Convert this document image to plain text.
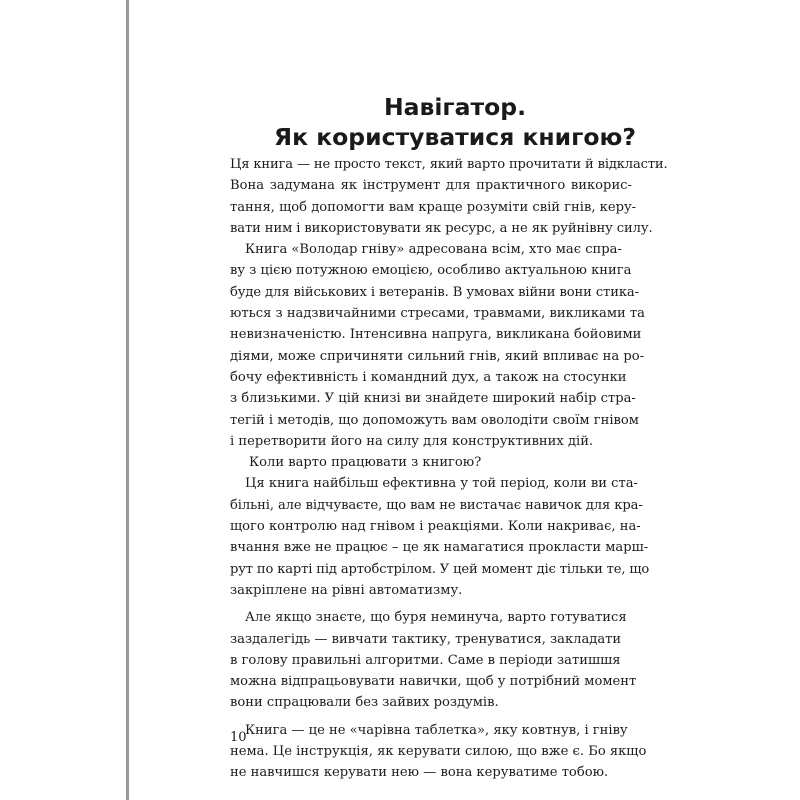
Навігатор.
Як користуватися книгою?
Ця книга — не просто текст, який варто прочитати й відкласти.
Вона задумана як інструмент для практичного викорис-
тання, щоб допомогти вам краще розуміти свій гнів, керу-
вати ним і використовувати як ресурс, а не як руйнівну силу.
Книга «Володар гніву» адресована всім, хто має спра-
ву з цією потужною емоцією, особливо актуальною книга
буде для військових і ветеранів. В умовах війни вони стика-
ються з надзвичайними стресами, травмами, викликами та
невизначеністю. Інтенсивна напруга, викликана бойовими
діями, може спричиняти сильний гнів, який впливає на ро-
бочу ефективність і командний дух, а також на стосунки
з близькими. У цій книзі ви знайдете широкий набір стра-
тегій і методів, що допоможуть вам оволодіти своїм гнівом
і перетворити його на силу для конструктивних дій.
Коли варто працювати з книгою?
Ця книга найбільш ефективна у той період, коли ви ста-
більні, але відчуваєте, що вам не вистачає навичок для кра-
щого контролю над гнівом і реакціями. Коли накриває, на-
вчання вже не працює – це як намагатися прокласти марш-
рут по карті під артобстрілом. У цей момент діє тільки те, що
закріплене на рівні автоматизму.
Але якщо знаєте, що буря неминуча, варто готуватися
заздалегідь — вивчати тактику, тренуватися, закладати
в голову правильні алгоритми. Саме в періоди затишшя
можна відпрацьовувати навички, щоб у потрібний момент
вони спрацювали без зайвих роздумів.
Книга — це не «чарівна таблетка», яку ковтнув, і гніву
нема. Це інструкція, як керувати силою, що вже є. Бо якщо
не навчишся керувати нею — вона керуватиме тобою.
10
